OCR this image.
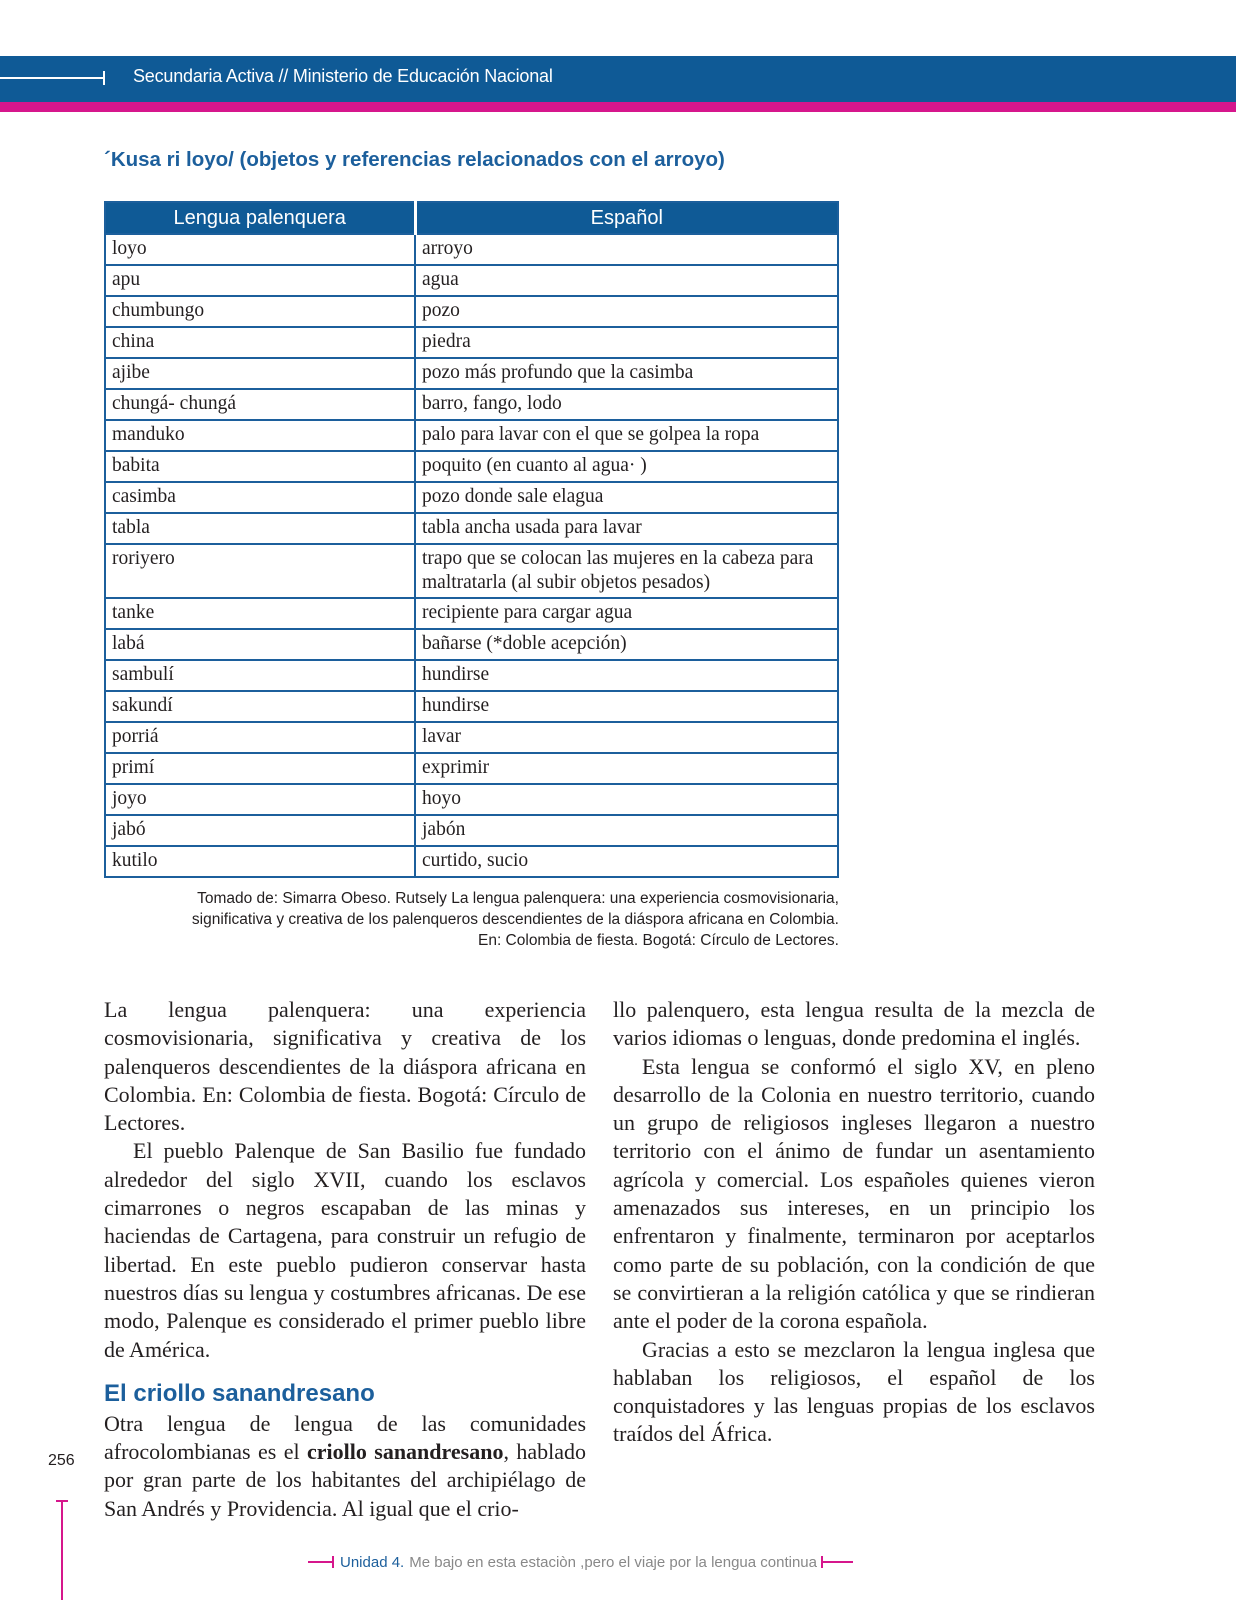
Secundaria Activa // Ministerio de Educación Nacional
´Kusa ri loyo/ (objetos y referencias relacionados con el arroyo)
Lengua palenquera	Español
loyo	arroyo
apu	agua
chumbungo	pozo
china	piedra
ajibe	pozo más profundo que la casimba
chungá- chungá	barro, fango, lodo
manduko	palo para lavar con el que se golpea la ropa
babita	poquito (en cuanto al agua· )
casimba	pozo donde sale elagua
tabla	tabla ancha usada para lavar
roriyero	trapo que se colocan las mujeres en la cabeza para maltratarla (al subir objetos pesados)
tanke	recipiente para cargar agua
labá	bañarse (*doble acepción)
sambulí	hundirse
sakundí	hundirse
porriá	lavar
primí	exprimir
joyo	hoyo
jabó	jabón
kutilo	curtido, sucio
Tomado de: Simarra Obeso. Rutsely La lengua palenquera: una experiencia cosmovisionaria,
significativa y creativa de los palenqueros descendientes de la diáspora africana en Colombia.
En: Colombia de fiesta. Bogotá: Círculo de Lectores.

La lengua palenquera: una experiencia cosmovisionaria, significativa y creativa de los palenqueros descendientes de la diáspora africana en Colombia. En: Colombia de fiesta. Bogotá: Círculo de Lectores.

El pueblo Palenque de San Basilio fue fundado alrededor del siglo XVII, cuando los esclavos cimarrones o negros escapaban de las minas y haciendas de Cartagena, para construir un refugio de libertad. En este pueblo pudieron conservar hasta nuestros días su lengua y costumbres africanas. De ese modo, Palenque es considerado el primer pueblo libre de América.

El criollo sanandresano

Otra lengua de lengua de las comunidades afrocolombianas es el criollo sanandresano, hablado por gran parte de los habitantes del archipiélago de San Andrés y Providencia. Al igual que el crio-

llo palenquero, esta lengua resulta de la mezcla de varios idiomas o lenguas, donde predomina el inglés.

Esta lengua se conformó el siglo XV, en pleno desarrollo de la Colonia en nuestro territorio, cuando un grupo de religiosos ingleses llegaron a nuestro territorio con el ánimo de fundar un asentamiento agrícola y comercial. Los españoles quienes vieron amenazados sus intereses, en un principio los enfrentaron y finalmente, terminaron por aceptarlos como parte de su población, con la condición de que se convirtieran a la religión católica y que se rindieran ante el poder de la corona española.

Gracias a esto se mezclaron la lengua inglesa que hablaban los religiosos, el español de los conquistadores y las lenguas propias de los esclavos traídos del África.

256
Unidad 4. Me bajo en esta estaciòn ,pero el viaje por la lengua continua
